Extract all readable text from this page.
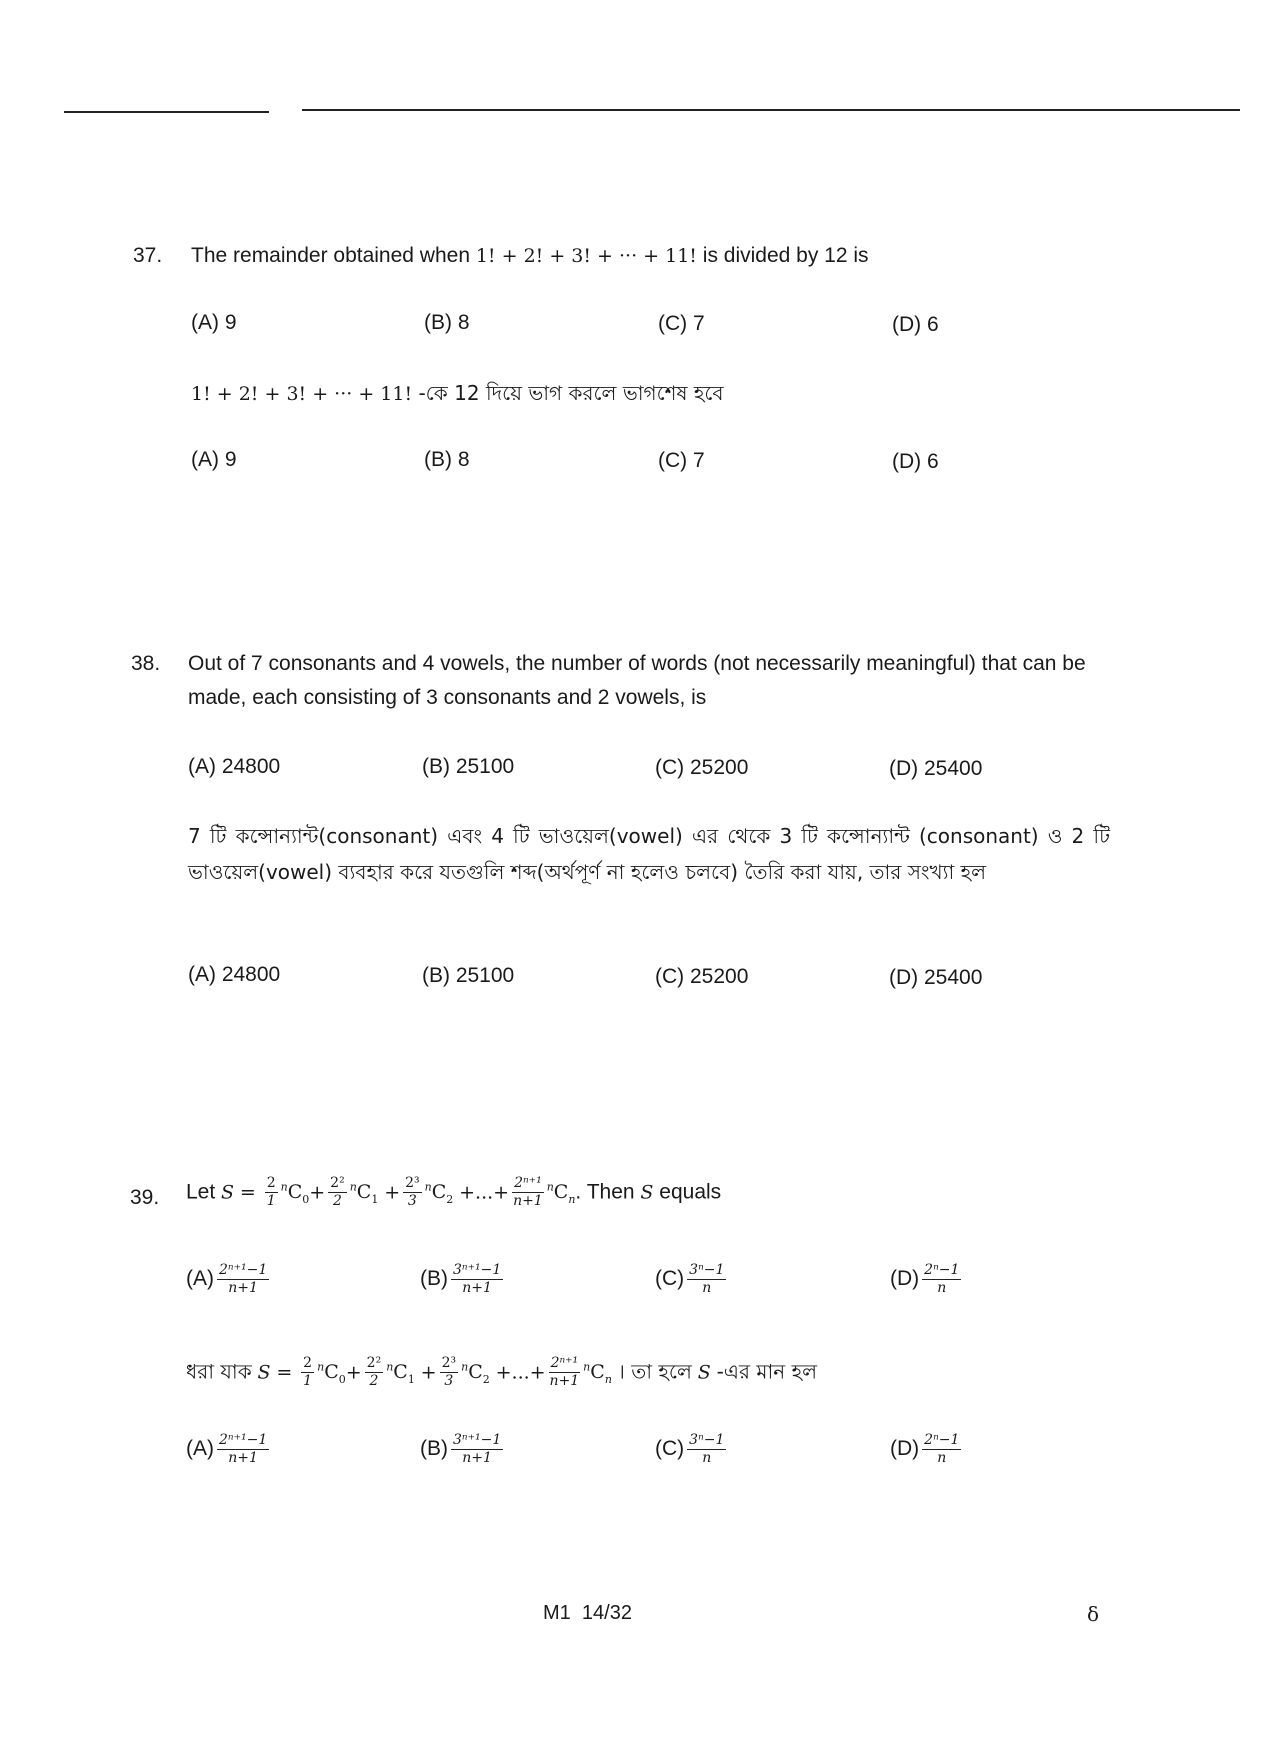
37. The remainder obtained when 1! + 2! + 3! + ··· + 11! is divided by 12 is
(A) 9	(B) 8	(C) 7	(D) 6
1! + 2! + 3! + ··· + 11! -কে 12 দিয়ে ভাগ করলে ভাগশেষ হবে
(A) 9	(B) 8	(C) 7	(D) 6
38. Out of 7 consonants and 4 vowels, the number of words (not necessarily meaningful) that can be made, each consisting of 3 consonants and 2 vowels, is
(A) 24800	(B) 25100	(C) 25200	(D) 25400
7 টি কন্সোন্যান্ট(consonant) এবং 4 টি ভাওয়েল(vowel) এর থেকে 3 টি কন্সোন্যান্ট (consonant) ও 2 টি ভাওয়েল(vowel) ব্যবহার করে যতগুলি শব্দ(অর্থপূর্ণ না হলেও চলবে) তৈরি করা যায়, তার সংখ্যা হল
(A) 24800	(B) 25100	(C) 25200	(D) 25400
39. Let $S = \frac{2}{1} ^nC_0+ \frac{\text{2²}}{2} ^nC_1 + \frac{\text{2³}}{3} ^nC_2$ +...+ $\frac{\text{2ⁿ⁺¹}}{n+1} ^nC_n$. Then S equals
$(A) \frac{\text{2ⁿ⁺¹−1}}{n+1}$	$(B) \frac{\text{3ⁿ⁺¹−1}}{n+1}$	$(C) \frac{\text{3ⁿ−1}}{n}$	$(D) \frac{\text{2ⁿ−1}}{n}$
ধরা যাক $S = \frac{2}{1} ^nC_0+ \frac{\text{2²}}{2} ^nC_1 + \frac{\text{2³}}{3} ^nC_2$ +...+ $\frac{\text{2ⁿ⁺¹}}{n+1} ^nC_n$ । তা হলে S -এর মান হল
$(A) \frac{\text{2ⁿ⁺¹−1}}{n+1}$	$(B) \frac{\text{3ⁿ⁺¹−1}}{n+1}$	$(C) \frac{\text{3ⁿ−1}}{n}$	$(D) \frac{\text{2ⁿ−1}}{n}$
M1 14/32	δ
